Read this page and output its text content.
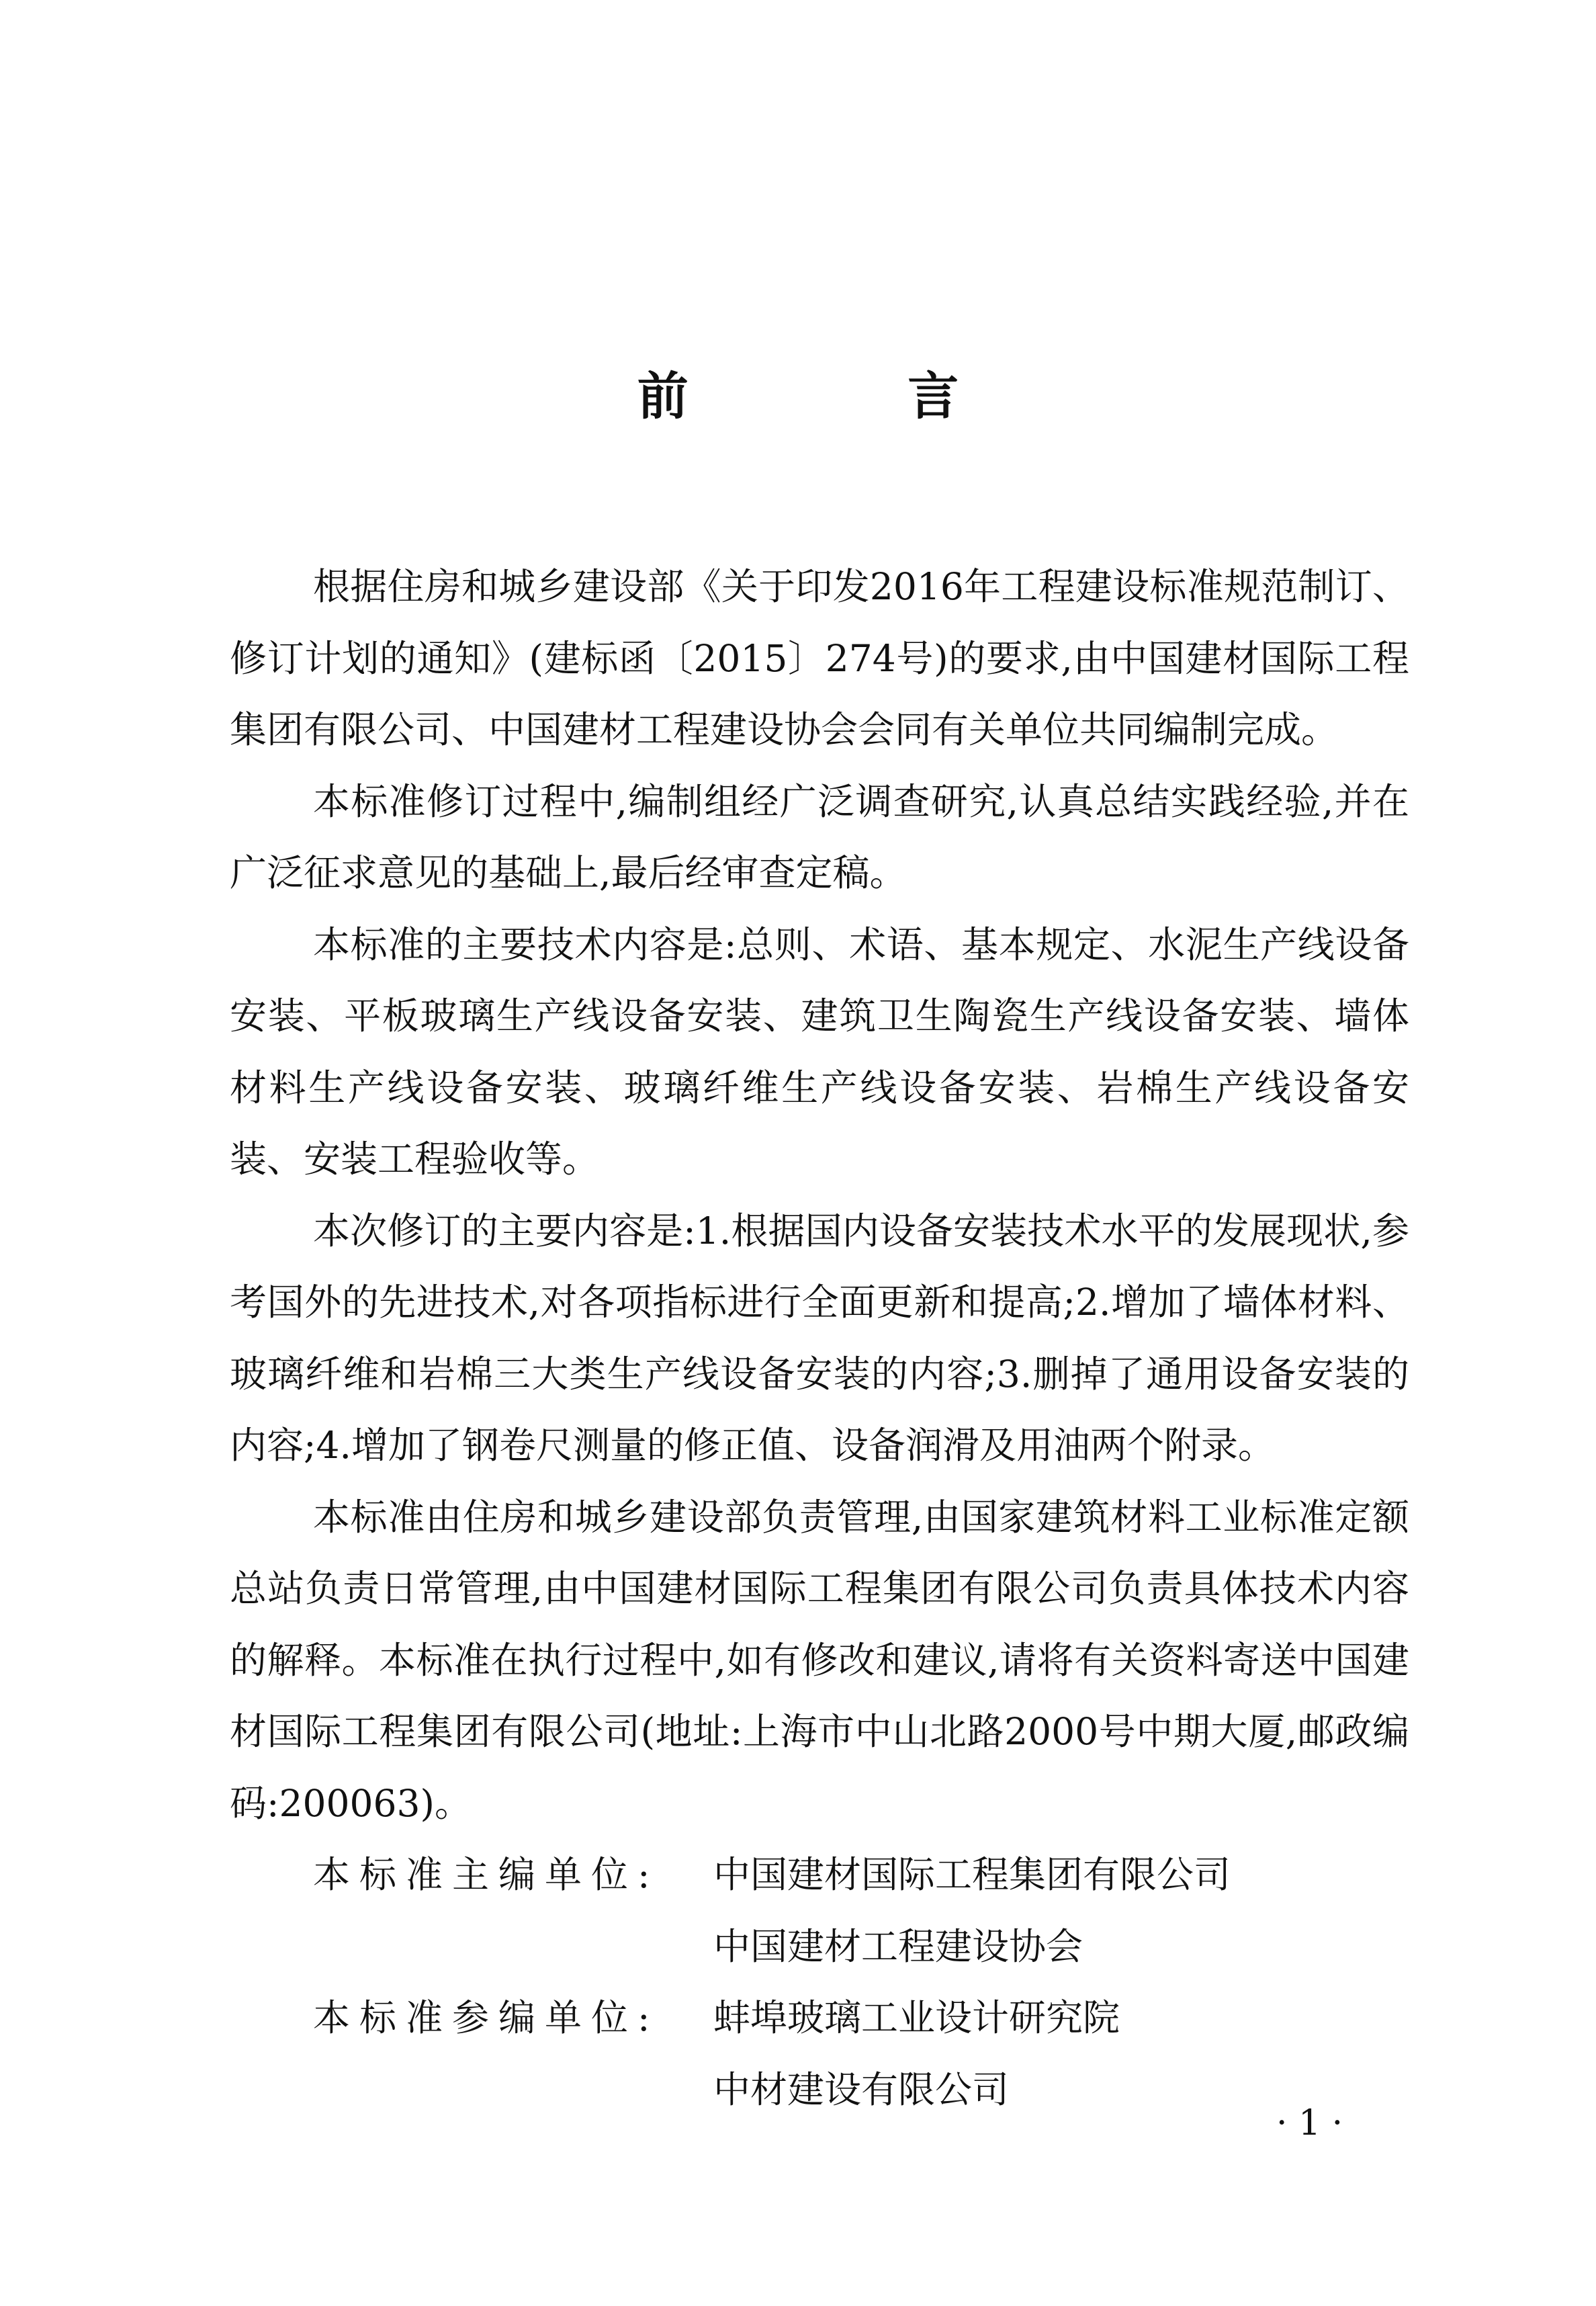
前 言

根据住房和城乡建设部《关于印发2016年工程建设标准规范制订、修订计划的通知》(建标函〔2015〕274号)的要求,由中国建材国际工程集团有限公司、中国建材工程建设协会会同有关单位共同编制完成。

本标准修订过程中,编制组经广泛调查研究,认真总结实践经验,并在广泛征求意见的基础上,最后经审查定稿。

本标准的主要技术内容是:总则、术语、基本规定、水泥生产线设备安装、平板玻璃生产线设备安装、建筑卫生陶瓷生产线设备安装、墙体材料生产线设备安装、玻璃纤维生产线设备安装、岩棉生产线设备安装、安装工程验收等。

本次修订的主要内容是:1.根据国内设备安装技术水平的发展现状,参考国外的先进技术,对各项指标进行全面更新和提高;2.增加了墙体材料、玻璃纤维和岩棉三大类生产线设备安装的内容;3.删掉了通用设备安装的内容;4.增加了钢卷尺测量的修正值、设备润滑及用油两个附录。

本标准由住房和城乡建设部负责管理,由国家建筑材料工业标准定额总站负责日常管理,由中国建材国际工程集团有限公司负责具体技术内容的解释。本标准在执行过程中,如有修改和建议,请将有关资料寄送中国建材国际工程集团有限公司(地址:上海市中山北路2000号中期大厦,邮政编码:200063)。

本标准主编单位:	中国建材国际工程集团有限公司
中国建材工程建设协会
本标准参编单位:	蚌埠玻璃工业设计研究院
中材建设有限公司
· 1 ·
